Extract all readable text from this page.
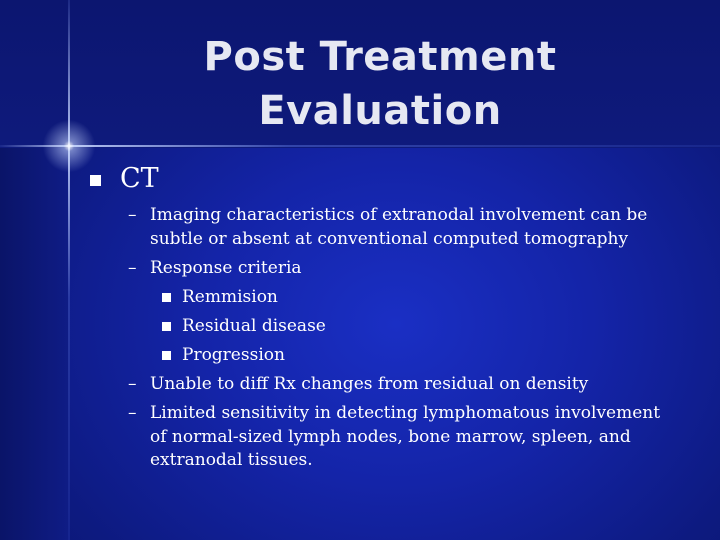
Post Treatment Evaluation
CT
– Imaging characteristics of extranodal involvement can be subtle or absent at conventional computed tomography
– Response criteria
Remmision
Residual disease
Progression
– Unable to diff Rx changes from residual on density
– Limited sensitivity in detecting lymphomatous involvement of normal-sized lymph nodes, bone marrow, spleen, and extranodal tissues.
